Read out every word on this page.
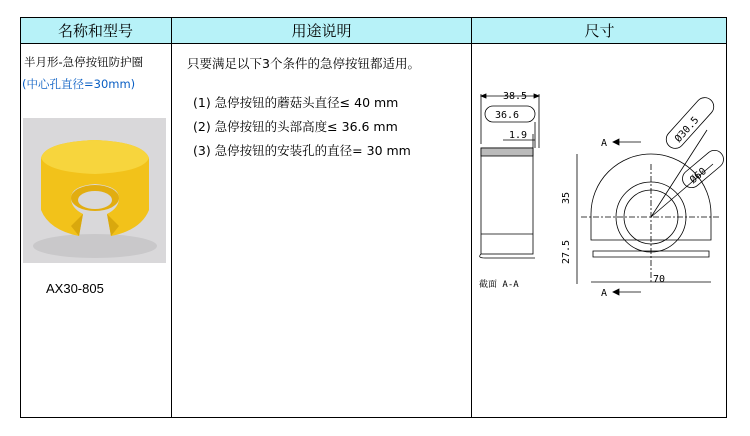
名称和型号	用途说明	尺寸
半月形-急停按钮防护圈
(中心孔直径=30mm)
AX30-805
只要满足以下3个条件的急停按钮都适用。
(1) 急停按钮的蘑菇头直径≤ 40 mm
(2) 急停按钮的头部高度≤ 36.6 mm
(3) 急停按钮的安装孔的直径= 30 mm
38.5
36.6
1.9
截面 A-A
A
A
35
27.5
70
Ø30.5
Ø60
